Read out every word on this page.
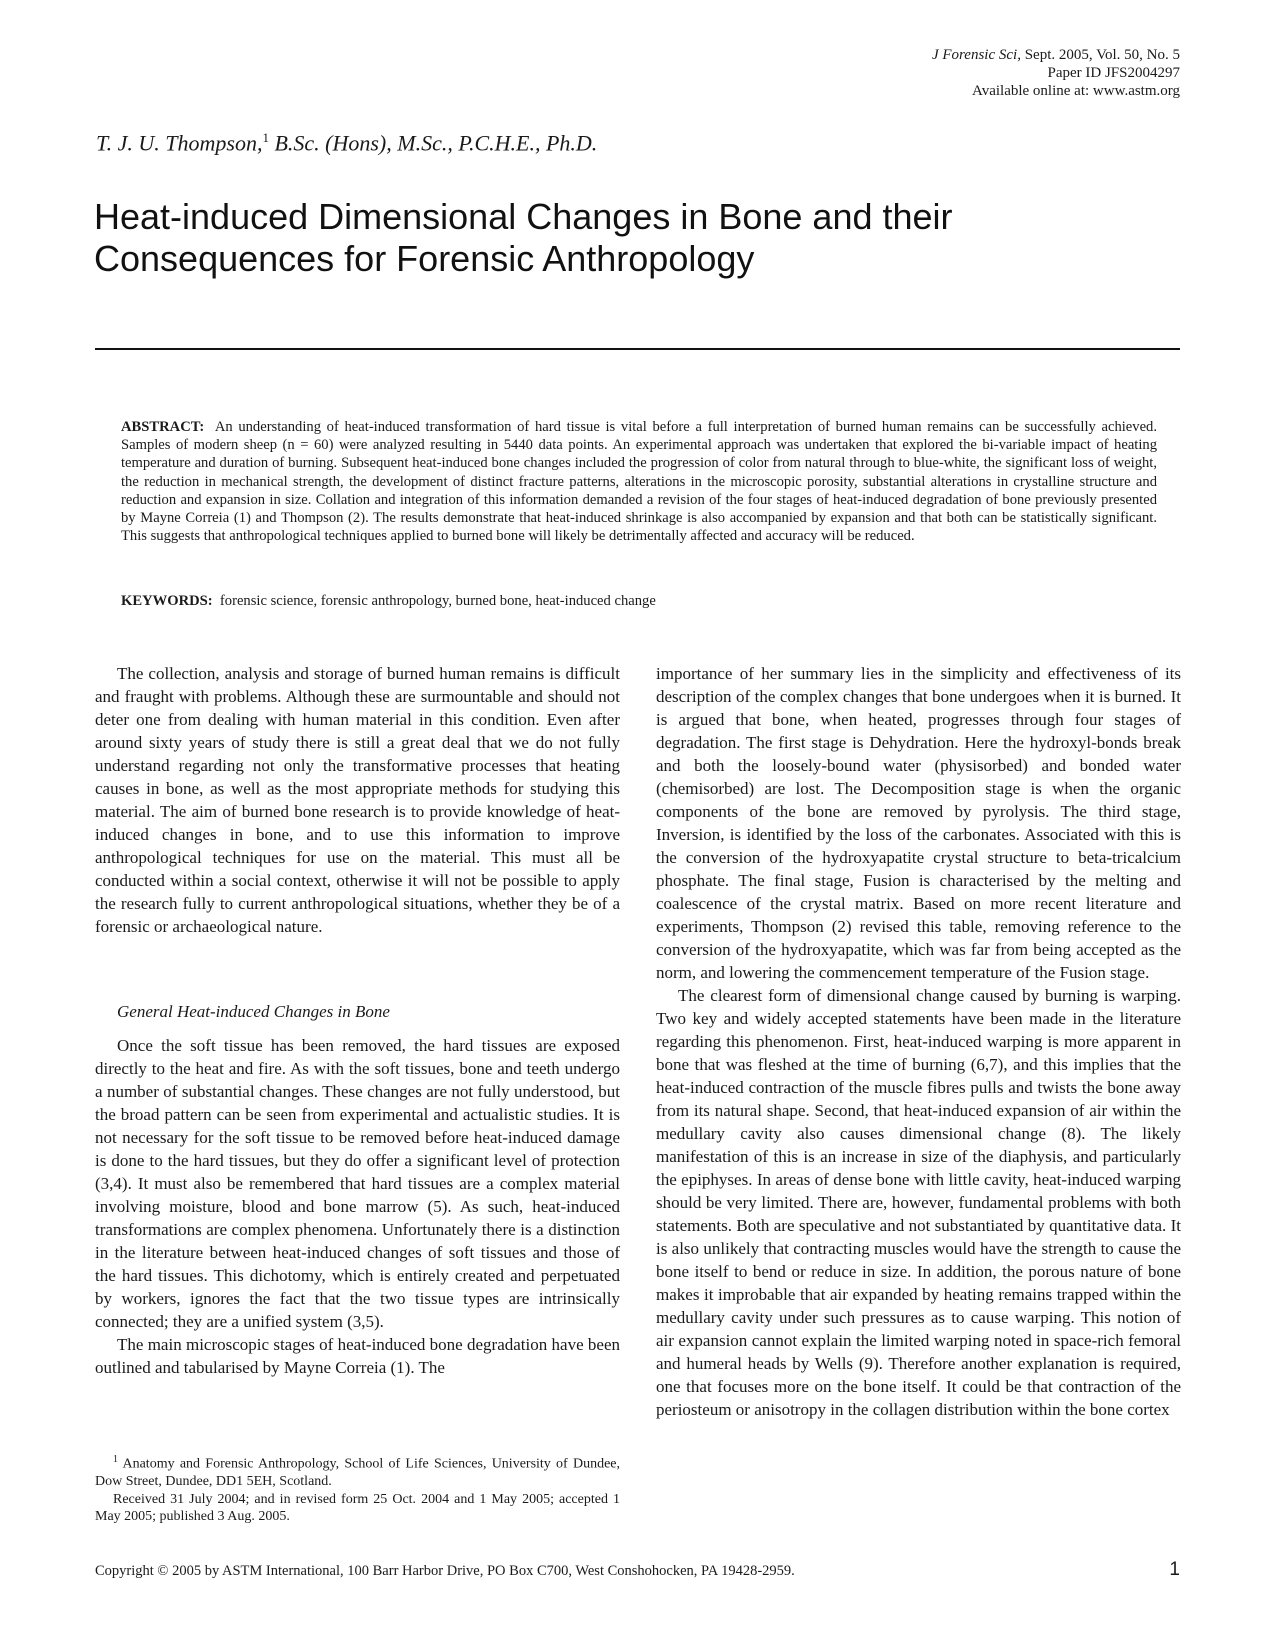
J Forensic Sci, Sept. 2005, Vol. 50, No. 5
Paper ID JFS2004297
Available online at: www.astm.org
T. J. U. Thompson,$^1$ B.Sc. (Hons), M.Sc., P.C.H.E., Ph.D.
Heat-induced Dimensional Changes in Bone and their Consequences for Forensic Anthropology
ABSTRACT: An understanding of heat-induced transformation of hard tissue is vital before a full interpretation of burned human remains can be successfully achieved. Samples of modern sheep (n = 60) were analyzed resulting in 5440 data points. An experimental approach was undertaken that explored the bi-variable impact of heating temperature and duration of burning. Subsequent heat-induced bone changes included the progression of color from natural through to blue-white, the significant loss of weight, the reduction in mechanical strength, the development of distinct fracture patterns, alterations in the microscopic porosity, substantial alterations in crystalline structure and reduction and expansion in size. Collation and integration of this information demanded a revision of the four stages of heat-induced degradation of bone previously presented by Mayne Correia (1) and Thompson (2). The results demonstrate that heat-induced shrinkage is also accompanied by expansion and that both can be statistically significant. This suggests that anthropological techniques applied to burned bone will likely be detrimentally affected and accuracy will be reduced.
KEYWORDS: forensic science, forensic anthropology, burned bone, heat-induced change

The collection, analysis and storage of burned human remains is difficult and fraught with problems. Although these are surmountable and should not deter one from dealing with human material in this condition. Even after around sixty years of study there is still a great deal that we do not fully understand regarding not only the transformative processes that heating causes in bone, as well as the most appropriate methods for studying this material. The aim of burned bone research is to provide knowledge of heat-induced changes in bone, and to use this information to improve anthropological techniques for use on the material. This must all be conducted within a social context, otherwise it will not be possible to apply the research fully to current anthropological situations, whether they be of a forensic or archaeological nature.

General Heat-induced Changes in Bone

Once the soft tissue has been removed, the hard tissues are exposed directly to the heat and fire. As with the soft tissues, bone and teeth undergo a number of substantial changes. These changes are not fully understood, but the broad pattern can be seen from experimental and actualistic studies. It is not necessary for the soft tissue to be removed before heat-induced damage is done to the hard tissues, but they do offer a significant level of protection (3,4). It must also be remembered that hard tissues are a complex material involving moisture, blood and bone marrow (5). As such, heat-induced transformations are complex phenomena. Unfortunately there is a distinction in the literature between heat-induced changes of soft tissues and those of the hard tissues. This dichotomy, which is entirely created and perpetuated by workers, ignores the fact that the two tissue types are intrinsically connected; they are a unified system (3,5).

The main microscopic stages of heat-induced bone degradation have been outlined and tabularised by Mayne Correia (1). The

importance of her summary lies in the simplicity and effectiveness of its description of the complex changes that bone undergoes when it is burned. It is argued that bone, when heated, progresses through four stages of degradation. The first stage is Dehydration. Here the hydroxyl-bonds break and both the loosely-bound water (physisorbed) and bonded water (chemisorbed) are lost. The Decomposition stage is when the organic components of the bone are removed by pyrolysis. The third stage, Inversion, is identified by the loss of the carbonates. Associated with this is the conversion of the hydroxyapatite crystal structure to beta-tricalcium phosphate. The final stage, Fusion is characterised by the melting and coalescence of the crystal matrix. Based on more recent literature and experiments, Thompson (2) revised this table, removing reference to the conversion of the hydroxyapatite, which was far from being accepted as the norm, and lowering the commencement temperature of the Fusion stage.

The clearest form of dimensional change caused by burning is warping. Two key and widely accepted statements have been made in the literature regarding this phenomenon. First, heat-induced warping is more apparent in bone that was fleshed at the time of burning (6,7), and this implies that the heat-induced contraction of the muscle fibres pulls and twists the bone away from its natural shape. Second, that heat-induced expansion of air within the medullary cavity also causes dimensional change (8). The likely manifestation of this is an increase in size of the diaphysis, and particularly the epiphyses. In areas of dense bone with little cavity, heat-induced warping should be very limited. There are, however, fundamental problems with both statements. Both are speculative and not substantiated by quantitative data. It is also unlikely that contracting muscles would have the strength to cause the bone itself to bend or reduce in size. In addition, the porous nature of bone makes it improbable that air expanded by heating remains trapped within the medullary cavity under such pressures as to cause warping. This notion of air expansion cannot explain the limited warping noted in space-rich femoral and humeral heads by Wells (9). Therefore another explanation is required, one that focuses more on the bone itself. It could be that contraction of the periosteum or anisotropy in the collagen distribution within the bone cortex

$^1$ Anatomy and Forensic Anthropology, School of Life Sciences, University of Dundee, Dow Street, Dundee, DD1 5EH, Scotland.

Received 31 July 2004; and in revised form 25 Oct. 2004 and 1 May 2005; accepted 1 May 2005; published 3 Aug. 2005.

Copyright © 2005 by ASTM International, 100 Barr Harbor Drive, PO Box C700, West Conshohocken, PA 19428-2959.	1
